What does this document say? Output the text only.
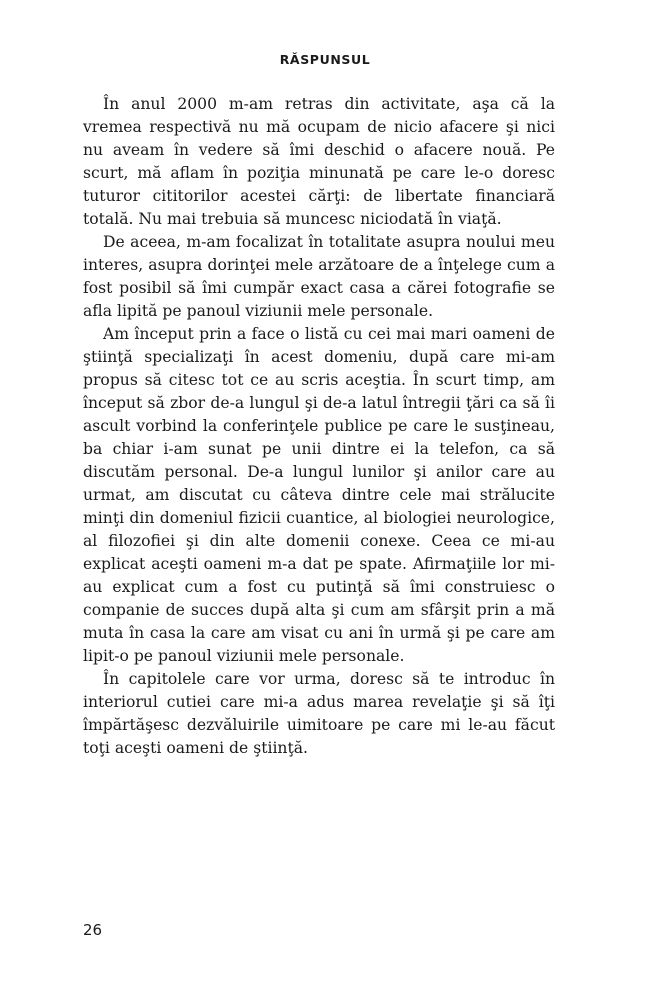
RĂSPUNSUL

În anul 2000 m-am retras din activitate, aşa că la vremea respectivă nu mă ocupam de nicio afacere şi nici nu aveam în vedere să îmi deschid o afacere nouă. Pe scurt, mă aflam în poziţia minunată pe care le-o doresc tuturor cititorilor acestei cărţi: de libertate financiară totală. Nu mai trebuia să muncesc niciodată în viaţă.

De aceea, m-am focalizat în totalitate asupra noului meu interes, asupra dorinţei mele arzătoare de a înţelege cum a fost posibil să îmi cumpăr exact casa a cărei fotografie se afla lipită pe panoul viziunii mele personale.

Am început prin a face o listă cu cei mai mari oameni de ştiinţă specializaţi în acest domeniu, după care mi-am propus să citesc tot ce au scris aceştia. În scurt timp, am început să zbor de-a lungul şi de-a latul întregii ţări ca să îi ascult vorbind la conferinţele publice pe care le susţineau, ba chiar i-am sunat pe unii dintre ei la telefon, ca să discutăm personal. De-a lungul lunilor şi anilor care au urmat, am discutat cu câteva dintre cele mai strălucite minţi din domeniul fizicii cuantice, al biologiei neurologice, al filozofiei şi din alte domenii conexe. Ceea ce mi-au explicat aceşti oameni m-a dat pe spate. Afirmaţiile lor mi-au explicat cum a fost cu putinţă să îmi construiesc o companie de succes după alta şi cum am sfârşit prin a mă muta în casa la care am visat cu ani în urmă şi pe care am lipit-o pe panoul viziunii mele personale.

În capitolele care vor urma, doresc să te introduc în interiorul cutiei care mi-a adus marea revelaţie şi să îţi împărtăşesc dezvăluirile uimitoare pe care mi le-au făcut toţi aceşti oameni de ştiinţă.

26
